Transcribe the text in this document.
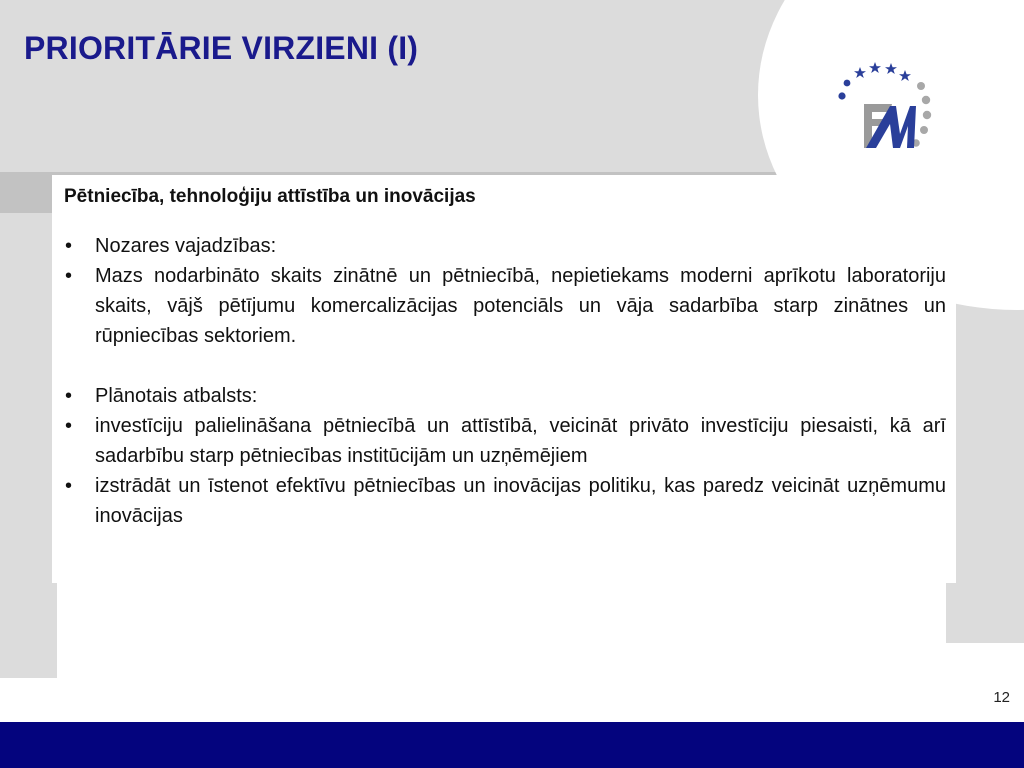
PRIORITĀRIE VIRZIENI (I)

Pētniecība, tehnoloģiju attīstība un inovācijas

• Nozares vajadzības:
• Mazs nodarbināto skaits zinātnē un pētniecībā, nepietiekams moderni aprīkotu laboratoriju skaits, vājš pētījumu komercalizācijas potenciāls un vāja sadarbība starp zinātnes un rūpniecības sektoriem.
• Plānotais atbalsts:
• investīciju palielināšana pētniecībā un attīstībā, veicināt privāto investīciju piesaisti, kā arī sadarbību starp pētniecības institūcijām un uzņēmējiem
• izstrādāt un īstenot efektīvu pētniecības un inovācijas politiku, kas paredz veicināt uzņēmumu inovācijas
12
